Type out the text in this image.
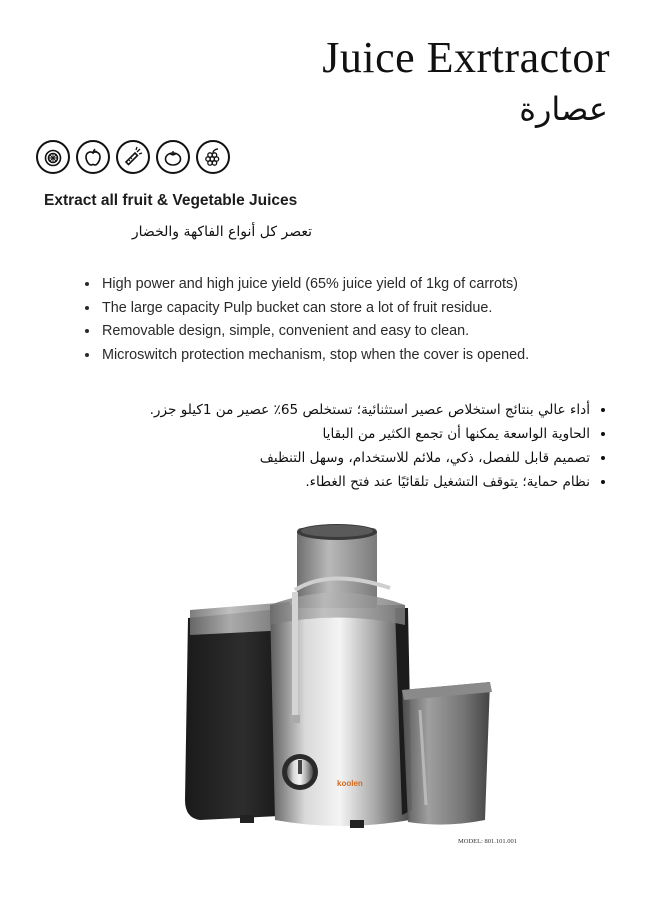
Juice Exrtractor
عصارة
Extract all fruit & Vegetable Juices
تعصر كل أنواع الفاكهة والخضار
• High power and high juice yield (65% juice yield of 1kg of carrots)
• The large capacity Pulp bucket can store a lot of fruit residue.
• Removable design, simple, convenient and easy to clean.
• Microswitch protection mechanism, stop when the cover is opened.
• أداء عالي بنتائج استخلاص عصير استثنائية؛ تستخلص 65٪ عصير من 1كيلو جزر.
• الحاوية الواسعة يمكنها أن تجمع الكثير من البقايا
• تصميم قابل للفصل، ذكي، ملائم للاستخدام، وسهل التنظيف
• نظام حماية؛ يتوقف التشغيل تلقائيًا عند فتح الغطاء.
koolen
MODEL: 801.101.001
